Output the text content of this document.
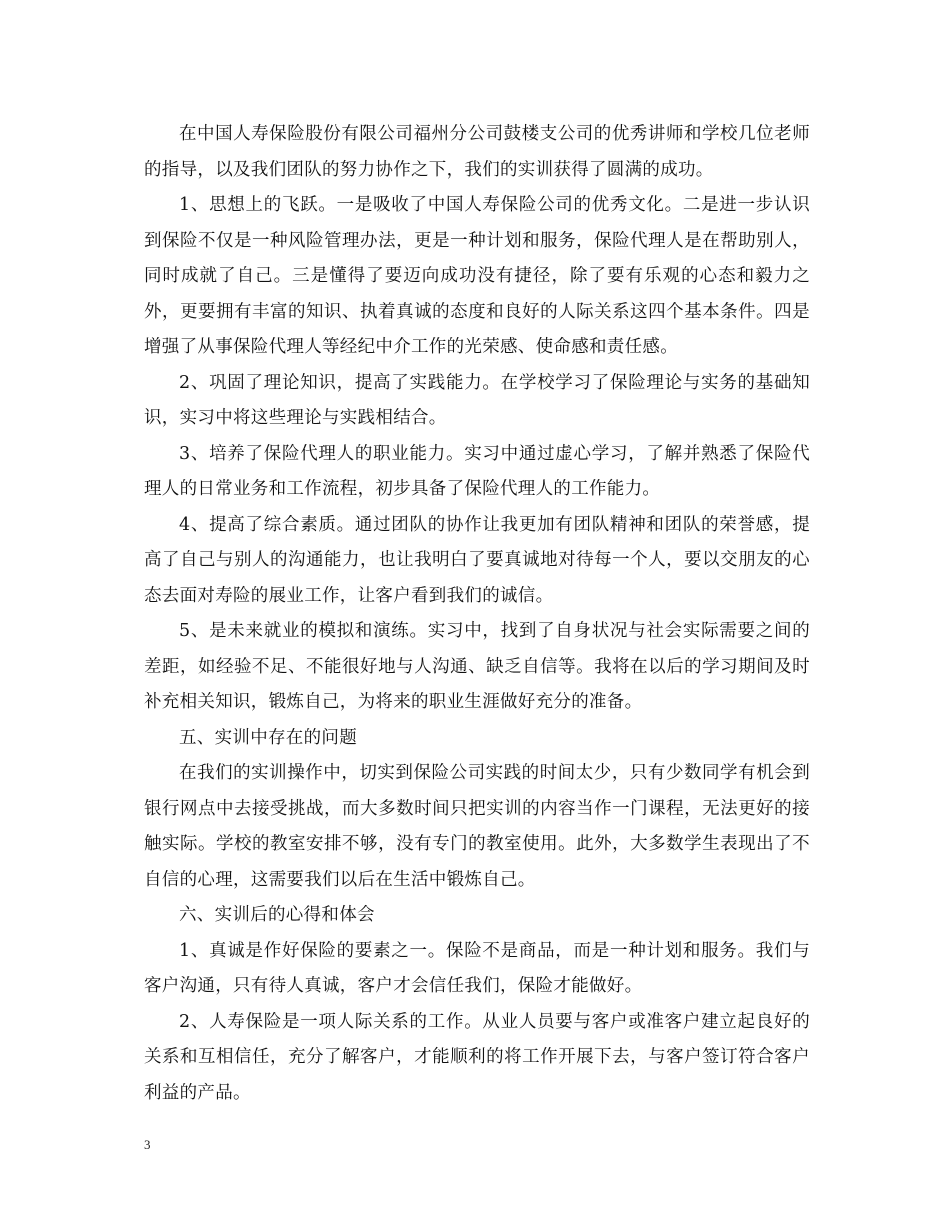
在中国人寿保险股份有限公司福州分公司鼓楼支公司的优秀讲师和学校几位老师的指导，以及我们团队的努力协作之下，我们的实训获得了圆满的成功。

1、思想上的飞跃。一是吸收了中国人寿保险公司的优秀文化。二是进一步认识到保险不仅是一种风险管理办法，更是一种计划和服务，保险代理人是在帮助别人，同时成就了自己。三是懂得了要迈向成功没有捷径，除了要有乐观的心态和毅力之外，更要拥有丰富的知识、执着真诚的态度和良好的人际关系这四个基本条件。四是增强了从事保险代理人等经纪中介工作的光荣感、使命感和责任感。

2、巩固了理论知识，提高了实践能力。在学校学习了保险理论与实务的基础知识，实习中将这些理论与实践相结合。

3、培养了保险代理人的职业能力。实习中通过虚心学习，了解并熟悉了保险代理人的日常业务和工作流程，初步具备了保险代理人的工作能力。

4、提高了综合素质。通过团队的协作让我更加有团队精神和团队的荣誉感，提高了自己与别人的沟通能力，也让我明白了要真诚地对待每一个人，要以交朋友的心态去面对寿险的展业工作，让客户看到我们的诚信。

5、是未来就业的模拟和演练。实习中，找到了自身状况与社会实际需要之间的差距，如经验不足、不能很好地与人沟通、缺乏自信等。我将在以后的学习期间及时补充相关知识，锻炼自己，为将来的职业生涯做好充分的准备。

五、实训中存在的问题

在我们的实训操作中，切实到保险公司实践的时间太少，只有少数同学有机会到银行网点中去接受挑战，而大多数时间只把实训的内容当作一门课程，无法更好的接触实际。学校的教室安排不够，没有专门的教室使用。此外，大多数学生表现出了不自信的心理，这需要我们以后在生活中锻炼自己。

六、实训后的心得和体会

1、真诚是作好保险的要素之一。保险不是商品，而是一种计划和服务。我们与客户沟通，只有待人真诚，客户才会信任我们，保险才能做好。

2、人寿保险是一项人际关系的工作。从业人员要与客户或准客户建立起良好的关系和互相信任，充分了解客户，才能顺利的将工作开展下去，与客户签订符合客户利益的产品。

3
